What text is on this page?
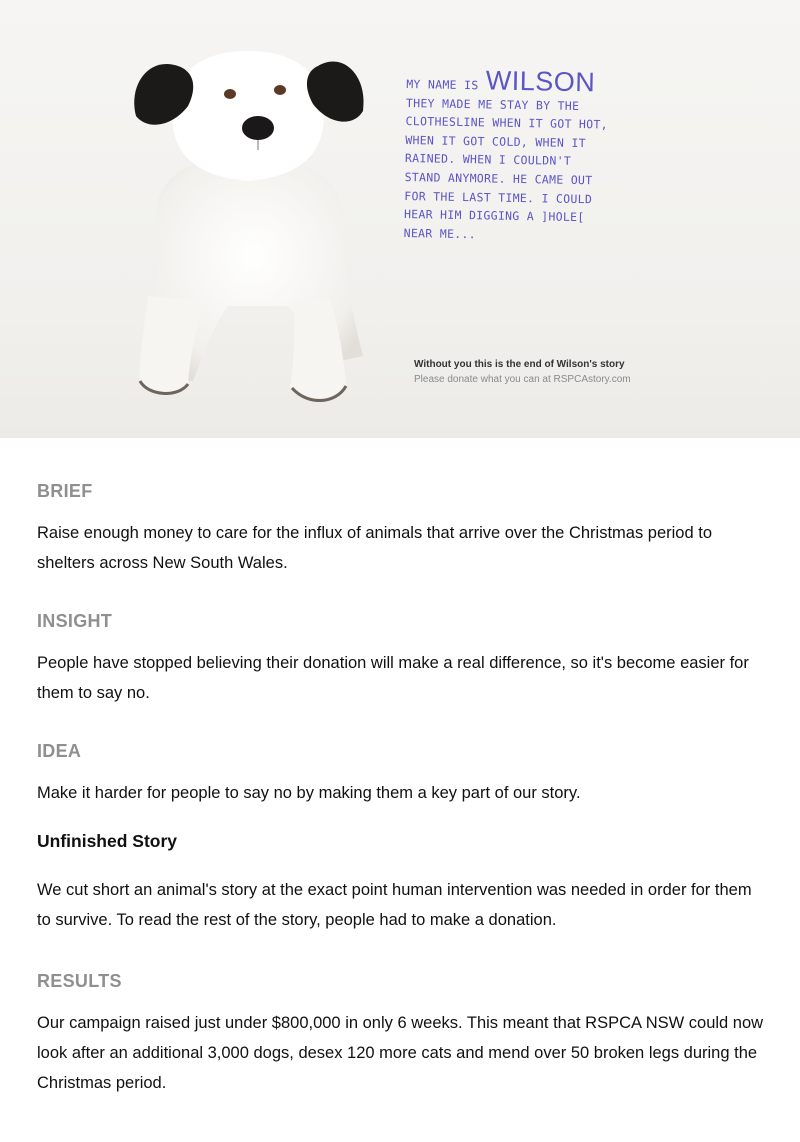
MY NAME IS WILSON
THEY MADE ME STAY BY THE
CLOTHESLINE WHEN IT GOT HOT,
WHEN IT GOT COLD, WHEN IT
RAINED. WHEN I COULDN'T
STAND ANYMORE. HE CAME OUT
FOR THE LAST TIME. I COULD
HEAR HIM DIGGING A ]HOLE[
NEAR ME...
Without you this is the end of Wilson's story
Please donate what you can at RSPCAstory.com
BRIEF

Raise enough money to care for the influx of animals that arrive over the Christmas period to shelters across New South Wales.

INSIGHT

People have stopped believing their donation will make a real difference, so it's become easier for them to say no.

IDEA

Make it harder for people to say no by making them a key part of our story.

Unfinished Story

We cut short an animal's story at the exact point human intervention was needed in order for them to survive. To read the rest of the story, people had to make a donation.

RESULTS

Our campaign raised just under $800,000 in only 6 weeks. This meant that RSPCA NSW could now look after an additional 3,000 dogs, desex 120 more cats and mend over 50 broken legs during the Christmas period.
